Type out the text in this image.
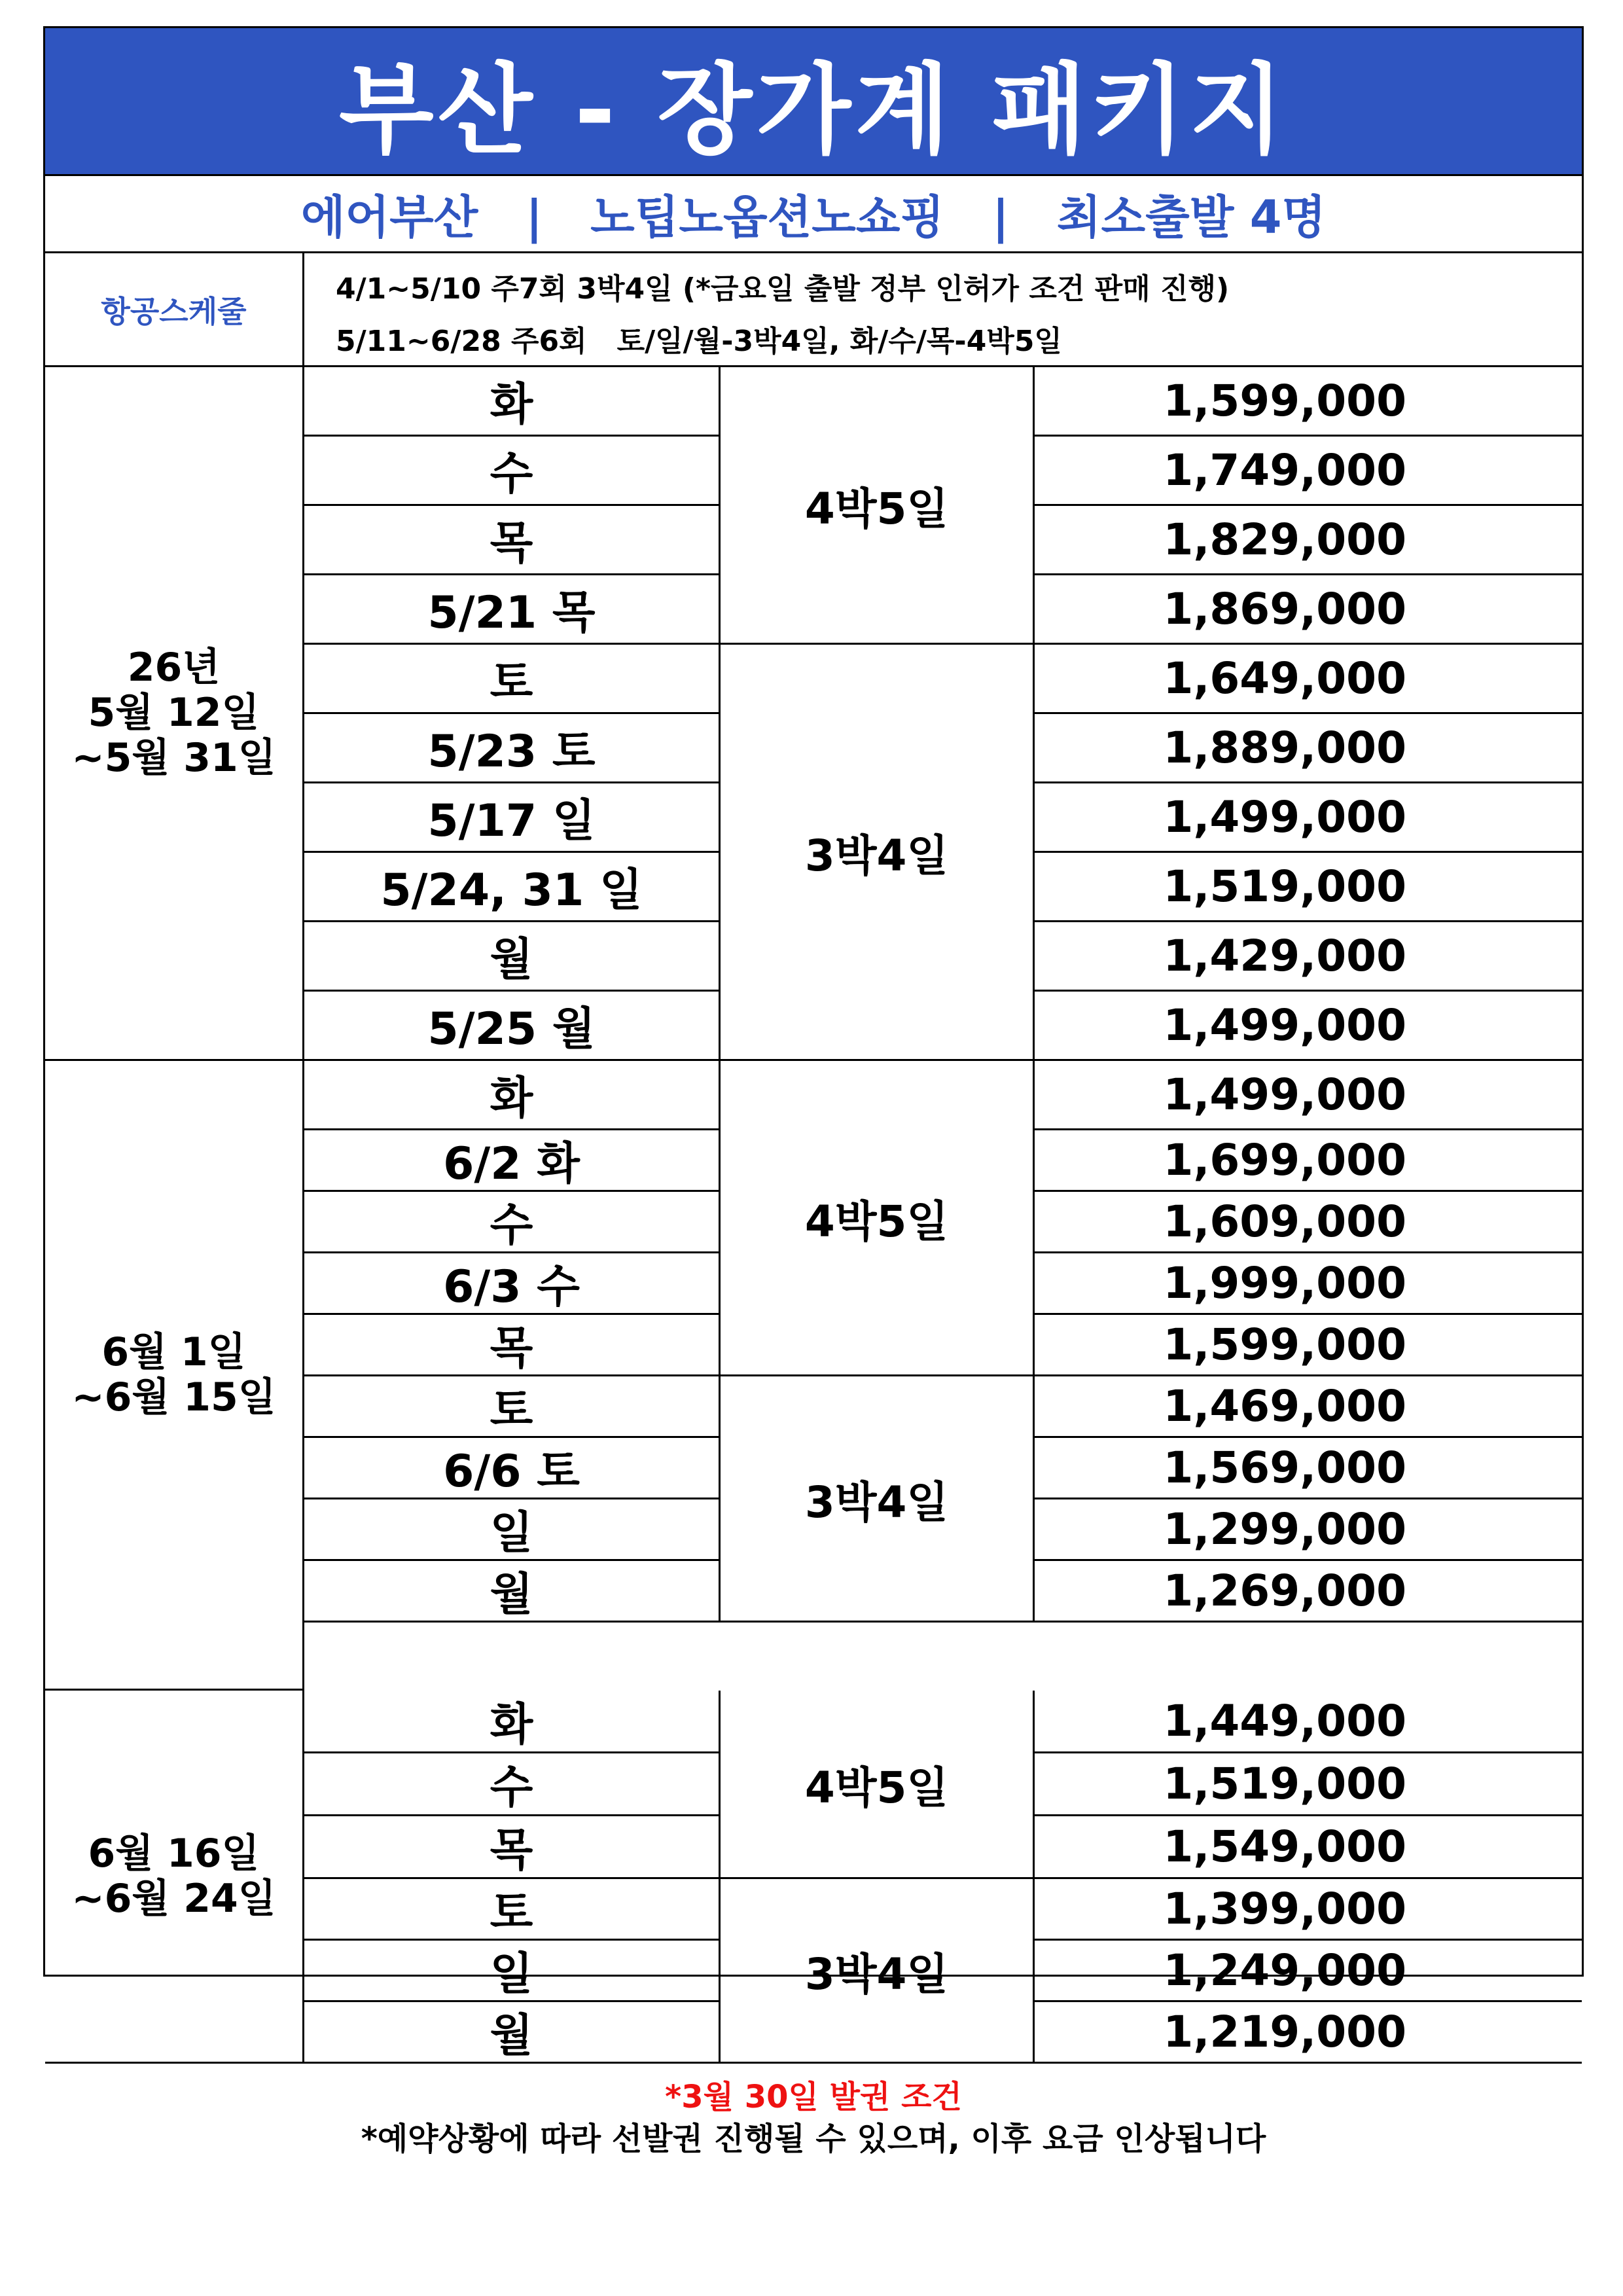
부산 - 장가계 패키지
에어부산   |   노팁노옵션노쇼핑   |   최소출발 4명
항공스케줄
4/1~5/10 주7회 3박4일 (*금요일 출발 정부 인허가 조건 판매 진행)
5/11~6/28 주6회   토/일/월-3박4일, 화/수/목-4박5일
26년
5월 12일
~5월 31일
화	1,599,000
수	1,749,000
목	1,829,000
5/21 목	1,869,000
4박5일
토	1,649,000
5/23 토	1,889,000
5/17 일	1,499,000
5/24, 31 일	1,519,000
월	1,429,000
5/25 월	1,499,000
3박4일
6월 1일
~6월 15일
화	1,499,000
6/2 화	1,699,000
수	1,609,000
6/3 수	1,999,000
목	1,599,000
4박5일
토	1,469,000
6/6 토	1,569,000
일	1,299,000
월	1,269,000
3박4일
6월 16일
~6월 24일
화	1,449,000
수	1,519,000
목	1,549,000
4박5일
토	1,399,000
일	1,249,000
월	1,219,000
3박4일
*3월 30일 발권 조건
*예약상황에 따라 선발권 진행될 수 있으며, 이후 요금 인상됩니다
